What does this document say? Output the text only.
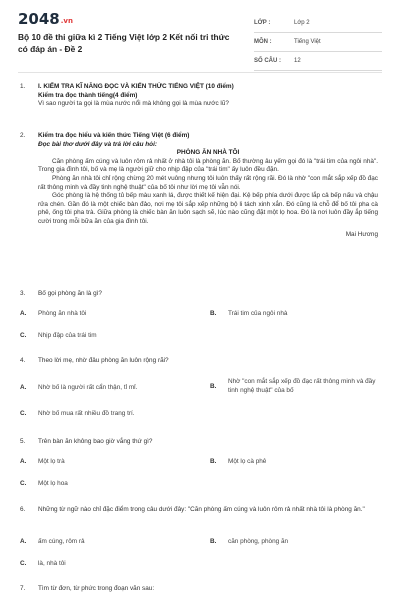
2048.vn
Bộ 10 đề thi giữa kì 2 Tiếng Việt lớp 2 Kết nối tri thức có đáp án - Đề 2
LỚP :	Lớp 2
MÔN :	Tiếng Việt
SỐ CÂU :	12
1. I. KIỂM TRA KĨ NĂNG ĐỌC VÀ KIẾN THỨC TIẾNG VIỆT (10 điểm)
Kiểm tra đọc thành tiếng(4 điểm)
Vì sao người ta gọi là mùa nước nổi mà không gọi là mùa nước lũ?
2. Kiểm tra đọc hiểu và kiến thức Tiếng Việt (6 điểm)
Đọc bài thơ dưới đây và trả lời câu hỏi:
PHÒNG ĂN NHÀ TÔI
Căn phòng ấm cúng và luôn rôm rả nhất ở nhà tôi là phòng ăn. Bố thường âu yếm gọi đó là "trái tim của ngôi nhà". Trong gia đình tôi, bố và mẹ là người giữ cho nhịp đập của "trái tim" ấy luôn đều đặn.
Phòng ăn nhà tôi chỉ rộng chừng 20 mét vuông nhưng tôi luôn thấy rất rộng rãi. Đó là nhờ "con mắt sắp xếp đồ đạc rất thông minh và đầy tinh nghệ thuật" của bố tôi như lời mẹ tôi vẫn nói.
Góc phòng là hệ thống tủ bếp màu xanh lá, được thiết kế hiện đại. Kệ bếp phía dưới được lắp cả bếp nấu và chậu rửa chén. Gần đó là một chiếc bàn đảo, nơi mẹ tôi sắp xếp những bộ li tách xinh xắn. Đó cũng là chỗ để bố tôi pha cà phê, ống tôi pha trà. Giữa phòng là chiếc bàn ăn luôn sạch sẽ, lúc nào cũng đặt một lọ hoa. Đó là nơi luôn đầy ắp tiếng cười trong mỗi bữa ăn của gia đình tôi.
Mai Hương
3. Bố gọi phòng ăn là gì?
A. Phòng ăn nhà tôi	B. Trái tim của ngôi nhà
C. Nhịp đập của trái tim
4. Theo lời mẹ, nhờ đâu phòng ăn luôn rộng rãi?
A. Nhờ bố là người rất cẩn thận, tỉ mỉ.	B.
Nhờ "con mắt sắp xếp đồ đạc rất thông minh và đầy tinh nghệ thuật" của bố
C. Nhờ bố mua rất nhiều đồ trang trí.
5. Trên bàn ăn không bao giờ vắng thứ gì?
A. Một lọ trà	B. Một lọ cà phê
C. Một lọ hoa
6. Những từ ngữ nào chỉ đặc điểm trong câu dưới đây: "Căn phòng ấm cúng và luôn rôm rả nhất nhà tôi là phòng ăn."
A. ấm cúng, rôm rả	B. căn phòng, phòng ăn
C. là, nhà tôi
7. Tìm từ đơn, từ phức trong đoạn văn sau:
